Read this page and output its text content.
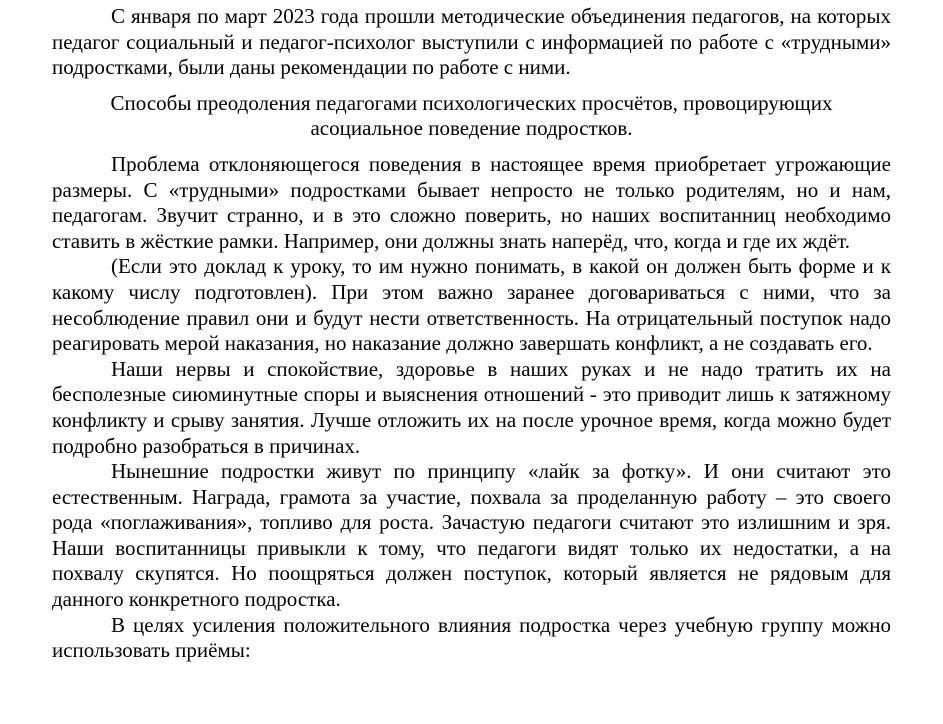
С января по март 2023 года прошли методические объединения педагогов, на которых педагог социальный и педагог-психолог выступили с информацией по работе с «трудными» подростками, были даны рекомендации по работе с ними.

Способы преодоления педагогами психологических просчётов, провоцирующих асоциальное поведение подростков.

Проблема отклоняющегося поведения в настоящее время приобретает угрожающие размеры. С «трудными» подростками бывает непросто не только родителям, но и нам, педагогам. Звучит странно, и в это сложно поверить, но наших воспитанниц необходимо ставить в жёсткие рамки. Например, они должны знать наперёд, что, когда и где их ждёт.

(Если это доклад к уроку, то им нужно понимать, в какой он должен быть форме и к какому числу подготовлен). При этом важно заранее договариваться с ними, что за несоблюдение правил они и будут нести ответственность. На отрицательный поступок надо реагировать мерой наказания, но наказание должно завершать конфликт, а не создавать его.

Наши нервы и спокойствие, здоровье в наших руках и не надо тратить их на бесполезные сиюминутные споры и выяснения отношений - это приводит лишь к затяжному конфликту и срыву занятия. Лучше отложить их на после урочное время, когда можно будет подробно разобраться в причинах.

Нынешние подростки живут по принципу «лайк за фотку». И они считают это естественным. Награда, грамота за участие, похвала за проделанную работу – это своего рода «поглаживания», топливо для роста. Зачастую педагоги считают это излишним и зря. Наши воспитанницы привыкли к тому, что педагоги видят только их недостатки, а на похвалу скупятся. Но поощряться должен поступок, который является не рядовым для данного конкретного подростка.

В целях усиления положительного влияния подростка через учебную группу можно использовать приёмы:
